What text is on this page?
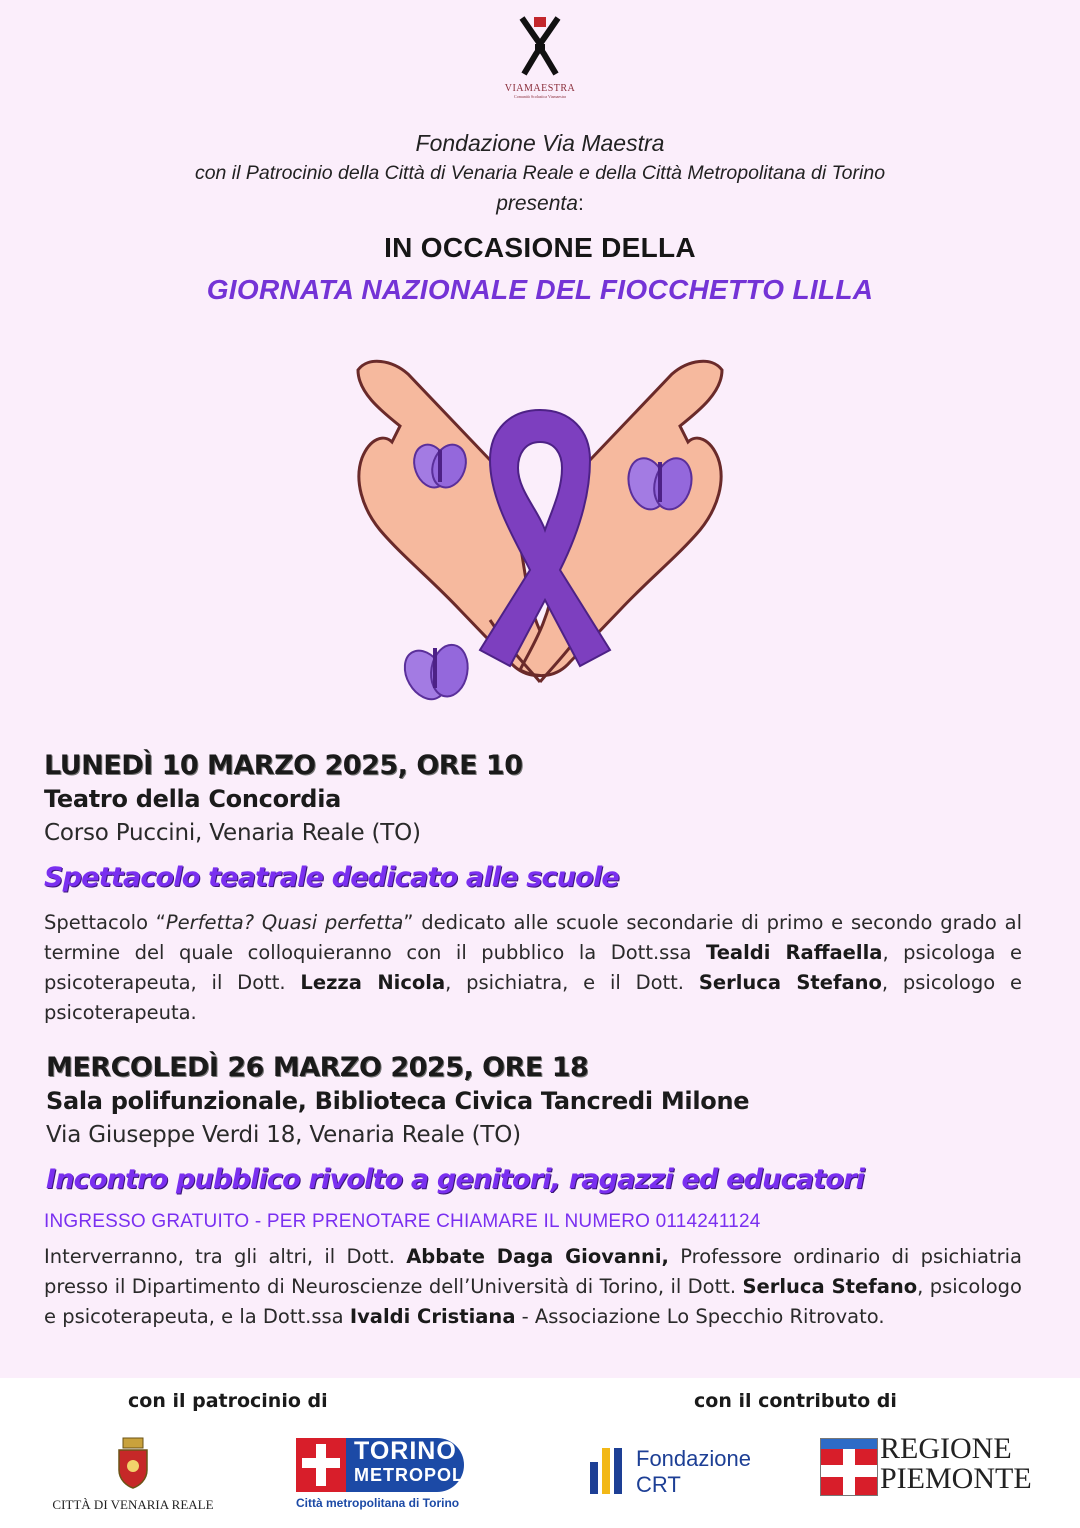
VIAMAESTRA
Comunità Scolastica Viamaestra
Fondazione Via Maestra
con il Patrocinio della Città di Venaria Reale e della Città Metropolitana di Torino
presenta:
IN OCCASIONE DELLA
GIORNATA NAZIONALE DEL FIOCCHETTO LILLA
LUNEDÌ 10 MARZO 2025, ORE 10
Teatro della Concordia
Corso Puccini, Venaria Reale (TO)
Spettacolo teatrale dedicato alle scuole
Spettacolo “Perfetta? Quasi perfetta” dedicato alle scuole secondarie di primo e secondo grado al termine del quale colloquieranno con il pubblico la Dott.ssa Tealdi Raffaella, psicologa e psicoterapeuta, il Dott. Lezza Nicola, psichiatra, e il Dott. Serluca Stefano, psicologo e psicoterapeuta.
MERCOLEDÌ 26 MARZO 2025, ORE 18
Sala polifunzionale, Biblioteca Civica Tancredi Milone
Via Giuseppe Verdi 18, Venaria Reale (TO)
Incontro pubblico rivolto a genitori, ragazzi ed educatori
INGRESSO GRATUITO - PER PRENOTARE CHIAMARE IL NUMERO 0114241124
Interverranno, tra gli altri, il Dott. Abbate Daga Giovanni, Professore ordinario di psichiatria presso il Dipartimento di Neuroscienze dell’Università di Torino, il Dott. Serluca Stefano, psicologo e psicoterapeuta, e la Dott.ssa Ivaldi Cristiana - Associazione Lo Specchio Ritrovato.
con il patrocinio di	con il contributo di
CITTÀ DI VENARIA REALE
TORINO
METROPOLI
Città metropolitana di Torino
Fondazione
CRT
REGIONE
PIEMONTE
